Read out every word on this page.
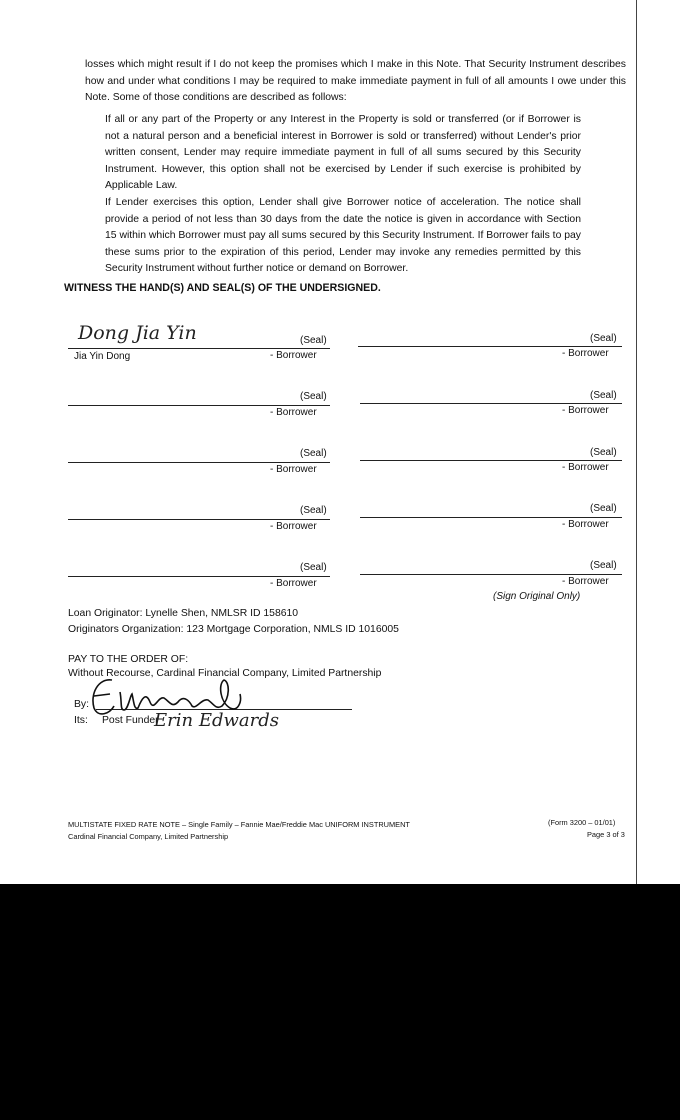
losses which might result if I do not keep the promises which I make in this Note. That Security Instrument describes how and under what conditions I may be required to make immediate payment in full of all amounts I owe under this Note. Some of those conditions are described as follows:

If all or any part of the Property or any Interest in the Property is sold or transferred (or if Borrower is not a natural person and a beneficial interest in Borrower is sold or transferred) without Lender's prior written consent, Lender may require immediate payment in full of all sums secured by this Security Instrument. However, this option shall not be exercised by Lender if such exercise is prohibited by Applicable Law.

If Lender exercises this option, Lender shall give Borrower notice of acceleration. The notice shall provide a period of not less than 30 days from the date the notice is given in accordance with Section 15 within which Borrower must pay all sums secured by this Security Instrument. If Borrower fails to pay these sums prior to the expiration of this period, Lender may invoke any remedies permitted by this Security Instrument without further notice or demand on Borrower.

WITNESS THE HAND(S) AND SEAL(S) OF THE UNDERSIGNED.

Dong Jia Yin	(Seal)
Jia Yin Dong	- Borrower
(Seal)
- Borrower
(Seal)
- Borrower
(Seal)
- Borrower
(Seal)
- Borrower
(Seal)
- Borrower
(Seal)
- Borrower
(Seal)
- Borrower
(Seal)
- Borrower
(Seal)
- Borrower
(Sign Original Only)
Loan Originator: Lynelle Shen, NMLSR ID 158610
Originators Organization: 123 Mortgage Corporation, NMLS ID 1016005
PAY TO THE ORDER OF:
Without Recourse, Cardinal Financial Company, Limited Partnership
By:
Its: Post Funder
Erin Edwards
MULTISTATE FIXED RATE NOTE – Single Family – Fannie Mae/Freddie Mac UNIFORM INSTRUMENT
Cardinal Financial Company, Limited Partnership
(Form 3200 – 01/01)
Page 3 of 3
